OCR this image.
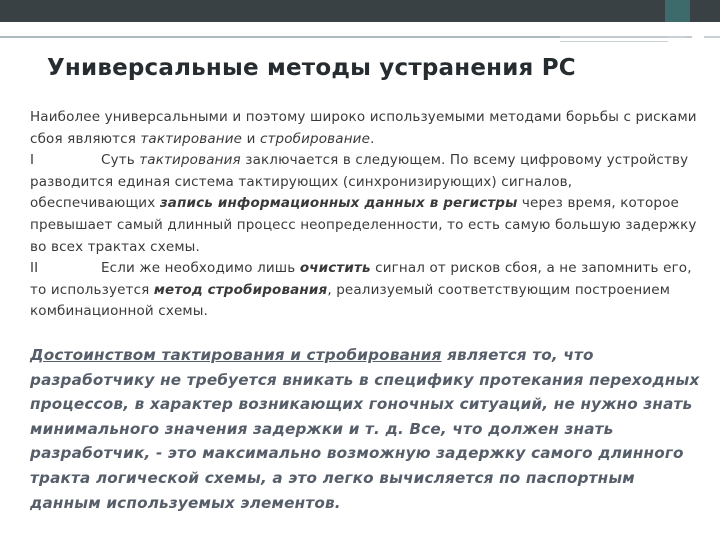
Универсальные методы устранения РС

Наиболее универсальными и поэтому широко используемыми методами борьбы с рисками сбоя являются тактирование и стробирование.

I	Суть тактирования заключается в следующем. По всему цифровому устройству разводится единая система тактирующих (синхронизирующих) сигналов, обеспечивающих запись информационных данных в регистры через время, которое превышает самый длинный процесс неопределенности, то есть самую большую задержку во всех трактах схемы.

II	Если же необходимо лишь очистить сигнал от рисков сбоя, а не запомнить его, то используется метод стробирования, реализуемый соответствующим построением комбинационной схемы.

Достоинством тактирования и стробирования является то, что разработчику не требуется вникать в специфику протекания переходных процессов, в характер возникающих гоночных ситуаций, не нужно знать минимального значения задержки и т. д. Все, что должен знать разработчик, - это максимально возможную задержку самого длинного тракта логической схемы, а это легко вычисляется по паспортным данным используемых элементов.
